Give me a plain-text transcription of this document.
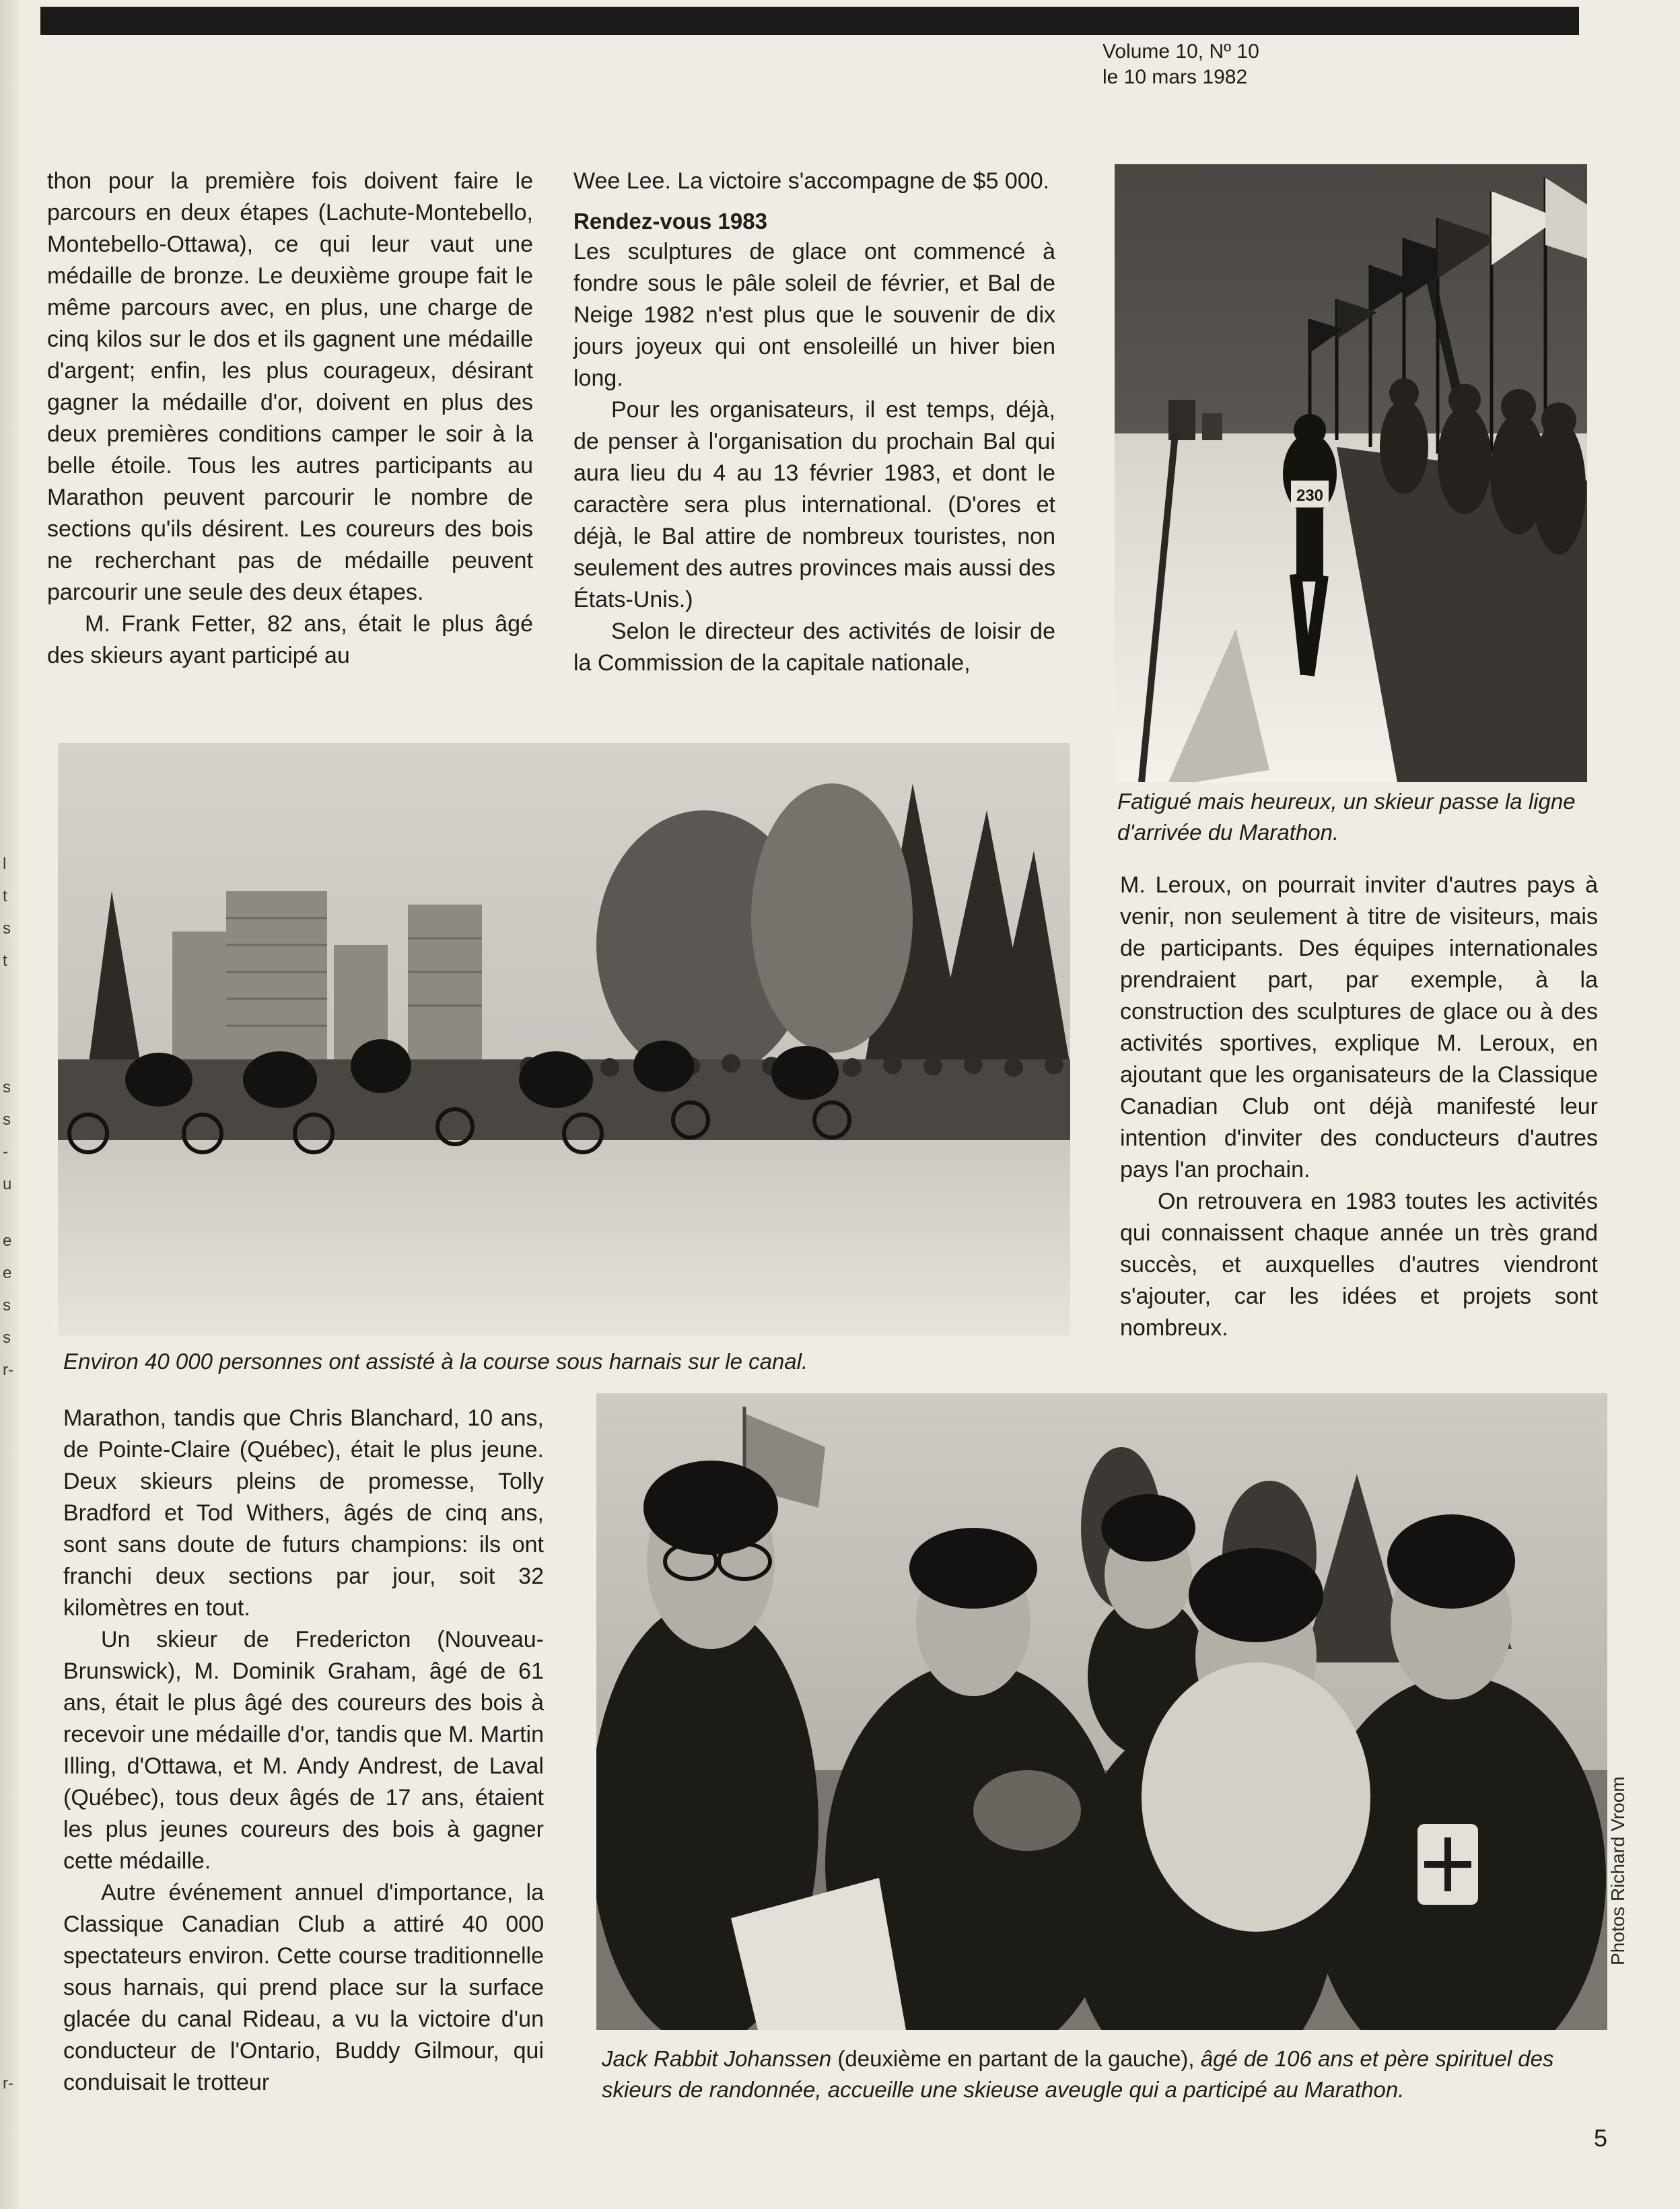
Volume 10, Nº 10
le 10 mars 1982

thon pour la première fois doivent faire le parcours en deux étapes (Lachute-Montebello, Montebello-Ottawa), ce qui leur vaut une médaille de bronze. Le deuxième groupe fait le même parcours avec, en plus, une charge de cinq kilos sur le dos et ils gagnent une médaille d'argent; enfin, les plus courageux, désirant gagner la médaille d'or, doivent en plus des deux premières conditions camper le soir à la belle étoile. Tous les autres participants au Marathon peuvent parcourir le nombre de sections qu'ils désirent. Les coureurs des bois ne recherchant pas de médaille peuvent parcourir une seule des deux étapes.

M. Frank Fetter, 82 ans, était le plus âgé des skieurs ayant participé au

Wee Lee. La victoire s'accompagne de $5 000.

Rendez-vous 1983

Les sculptures de glace ont commencé à fondre sous le pâle soleil de février, et Bal de Neige 1982 n'est plus que le souvenir de dix jours joyeux qui ont ensoleillé un hiver bien long.

Pour les organisateurs, il est temps, déjà, de penser à l'organisation du prochain Bal qui aura lieu du 4 au 13 février 1983, et dont le caractère sera plus international. (D'ores et déjà, le Bal attire de nombreux touristes, non seulement des autres provinces mais aussi des États-Unis.)

Selon le directeur des activités de loisir de la Commission de la capitale nationale,

230

M. Leroux, on pourrait inviter d'autres pays à venir, non seulement à titre de visiteurs, mais de participants. Des équipes internationales prendraient part, par exemple, à la construction des sculptures de glace ou à des activités sportives, explique M. Leroux, en ajoutant que les organisateurs de la Classique Canadian Club ont déjà manifesté leur intention d'inviter des conducteurs d'autres pays l'an prochain.

On retrouvera en 1983 toutes les activités qui connaissent chaque année un très grand succès, et auxquelles d'autres viendront s'ajouter, car les idées et projets sont nombreux.

Fatigué mais heureux, un skieur passe la ligne d'arrivée du Marathon.
Environ 40 000 personnes ont assisté à la course sous harnais sur le canal.

Marathon, tandis que Chris Blanchard, 10 ans, de Pointe-Claire (Québec), était le plus jeune. Deux skieurs pleins de promesse, Tolly Bradford et Tod Withers, âgés de cinq ans, sont sans doute de futurs champions: ils ont franchi deux sections par jour, soit 32 kilomètres en tout.

Un skieur de Fredericton (Nouveau-Brunswick), M. Dominik Graham, âgé de 61 ans, était le plus âgé des coureurs des bois à recevoir une médaille d'or, tandis que M. Martin Illing, d'Ottawa, et M. Andy Andrest, de Laval (Québec), tous deux âgés de 17 ans, étaient les plus jeunes coureurs des bois à gagner cette médaille.

Autre événement annuel d'importance, la Classique Canadian Club a attiré 40 000 spectateurs environ. Cette course traditionnelle sous harnais, qui prend place sur la surface glacée du canal Rideau, a vu la victoire d'un conducteur de l'Ontario, Buddy Gilmour, qui conduisait le trotteur

Jack Rabbit Johanssen (deuxième en partant de la gauche), âgé de 106 ans et père spirituel des skieurs de randonnée, accueille une skieuse aveugle qui a participé au Marathon.
Photos Richard Vroom
5
l
t
s
t
s
s
-
u
e
e
s
s
r-
r-
